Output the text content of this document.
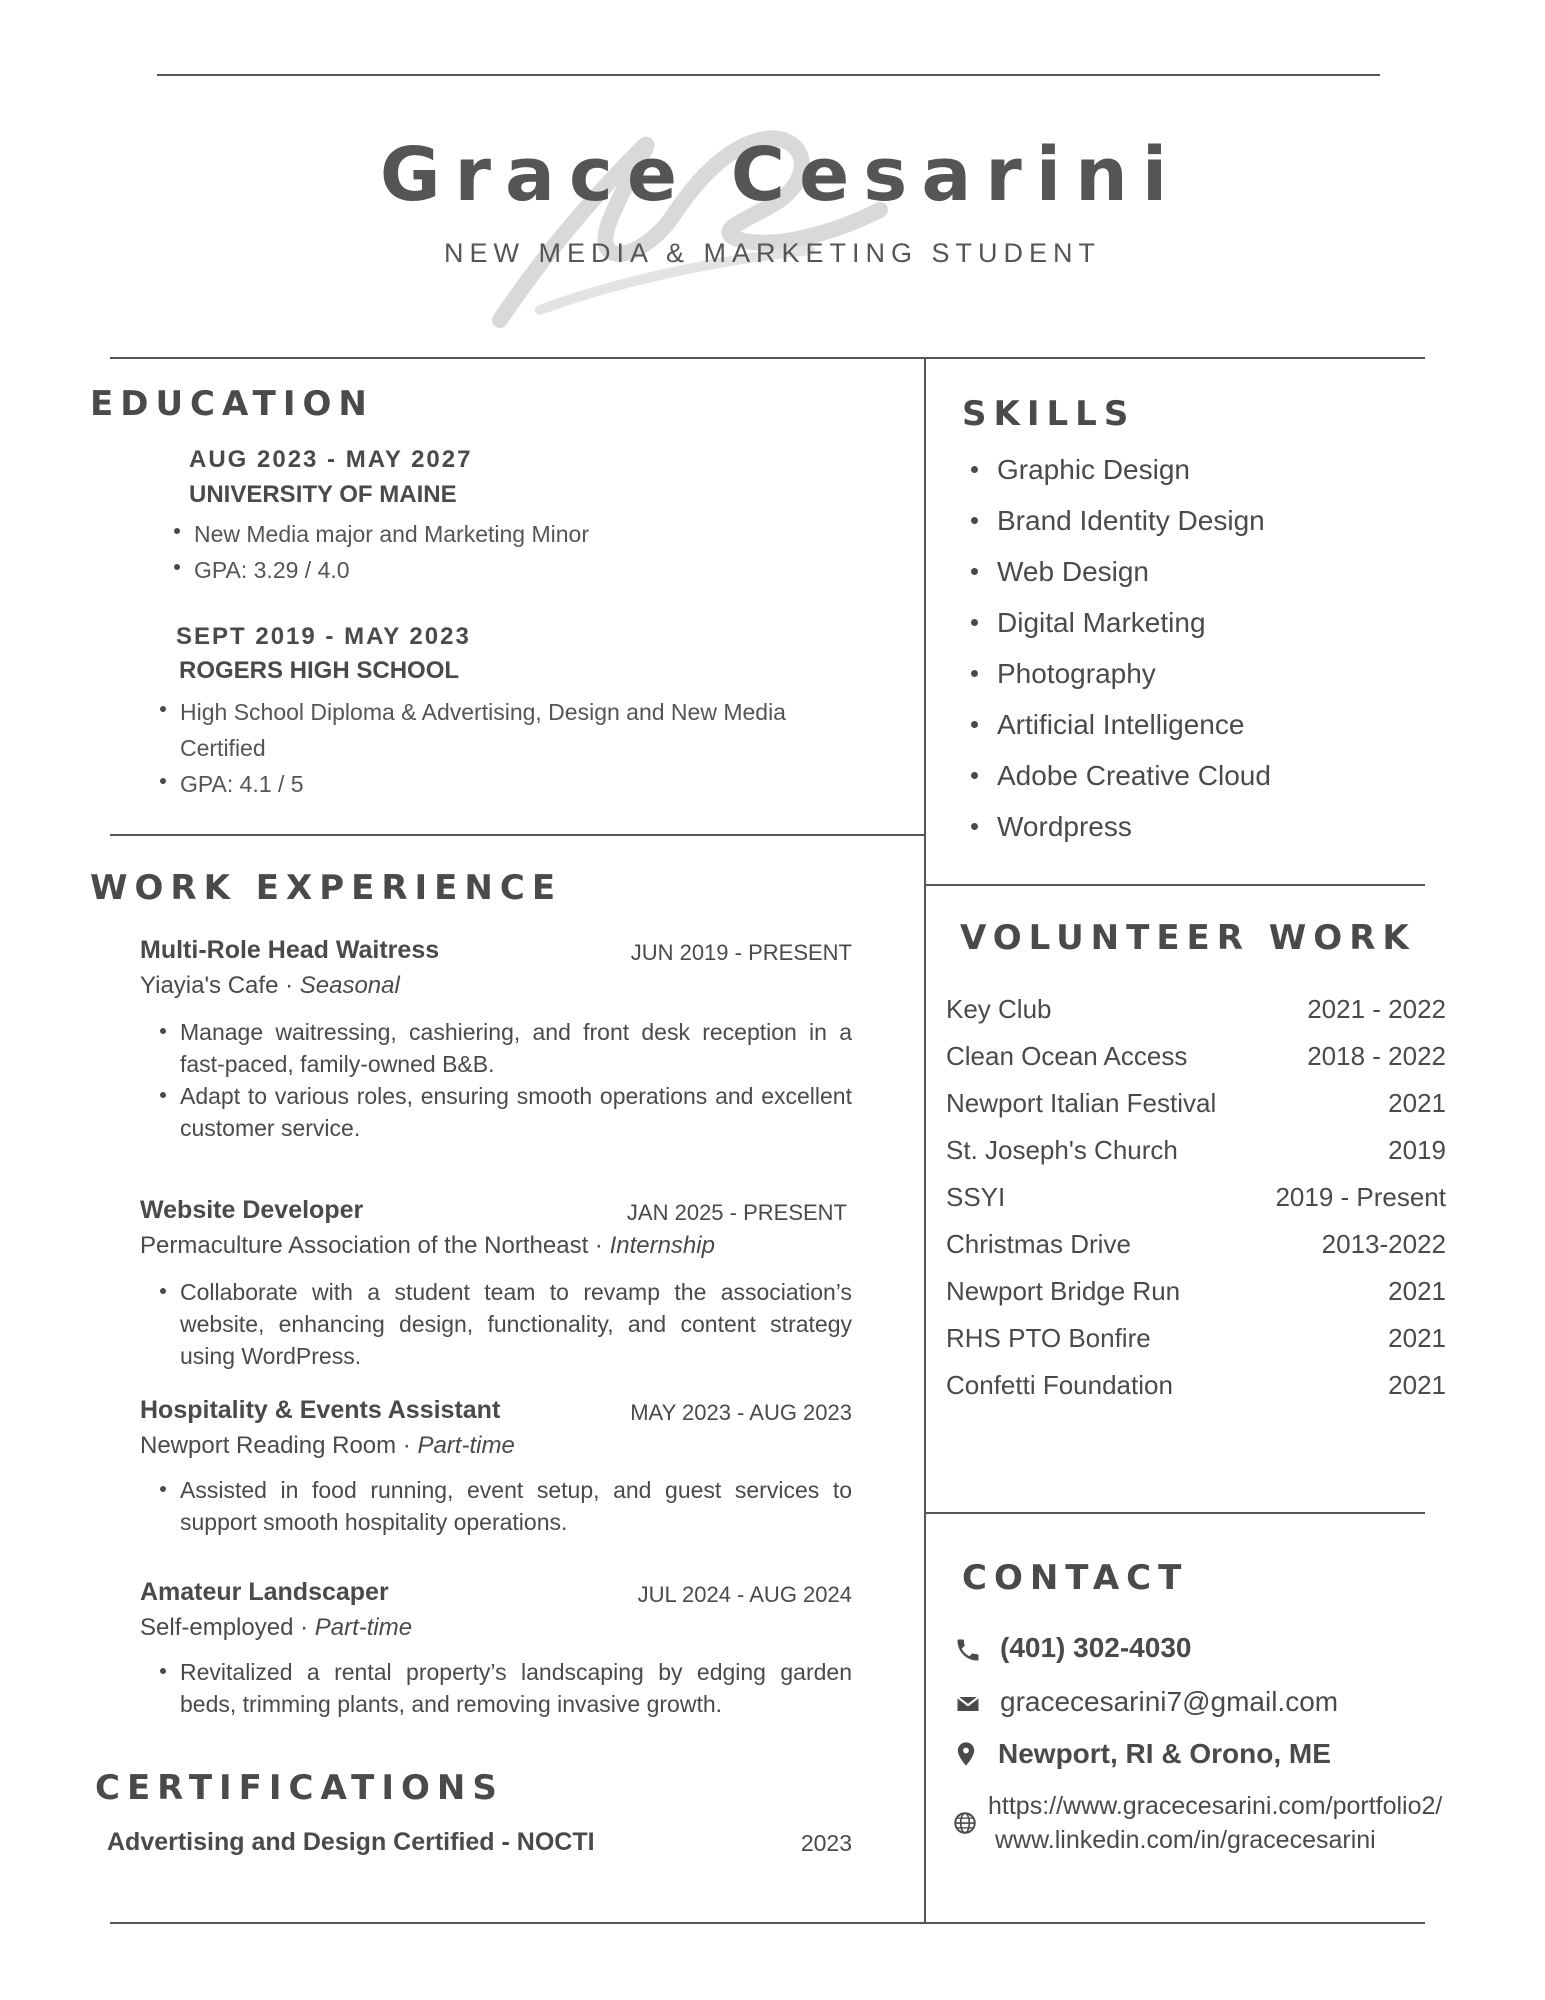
Grace Cesarini
NEW MEDIA & MARKETING STUDENT
EDUCATION
AUG 2023 - MAY 2027
UNIVERSITY OF MAINE
New Media major and Marketing Minor
GPA: 3.29 / 4.0
SEPT 2019 - MAY 2023
ROGERS HIGH SCHOOL
High School Diploma & Advertising, Design and New Media Certified
GPA: 4.1 / 5
WORK EXPERIENCE
Multi-Role Head Waitress	JUN 2019 - PRESENT
Yiayia's Cafe · Seasonal
Manage waitressing, cashiering, and front desk reception in a fast-paced, family-owned B&B.
Adapt to various roles, ensuring smooth operations and excellent customer service.
Website Developer	JAN 2025 - PRESENT
Permaculture Association of the Northeast · Internship
Collaborate with a student team to revamp the association’s website, enhancing design, functionality, and content strategy using WordPress.
Hospitality & Events Assistant	MAY 2023 - AUG 2023
Newport Reading Room · Part-time
Assisted in food running, event setup, and guest services to support smooth hospitality operations.
Amateur Landscaper	JUL 2024 - AUG 2024
Self-employed · Part-time
Revitalized a rental property’s landscaping by edging garden beds, trimming plants, and removing invasive growth.
CERTIFICATIONS
Advertising and Design Certified - NOCTI	2023
SKILLS
Graphic Design
Brand Identity Design
Web Design
Digital Marketing
Photography
Artificial Intelligence
Adobe Creative Cloud
Wordpress
VOLUNTEER WORK
Key Club	2021 - 2022
Clean Ocean Access	2018 - 2022
Newport Italian Festival	2021
St. Joseph's Church	2019
SSYI	2019 - Present
Christmas Drive	2013-2022
Newport Bridge Run	2021
RHS PTO Bonfire	2021
Confetti Foundation	2021
CONTACT
(401) 302-4030
gracecesarini7@gmail.com
Newport, RI & Orono, ME
https://www.gracecesarini.com/portfolio2/
www.linkedin.com/in/gracecesarini
